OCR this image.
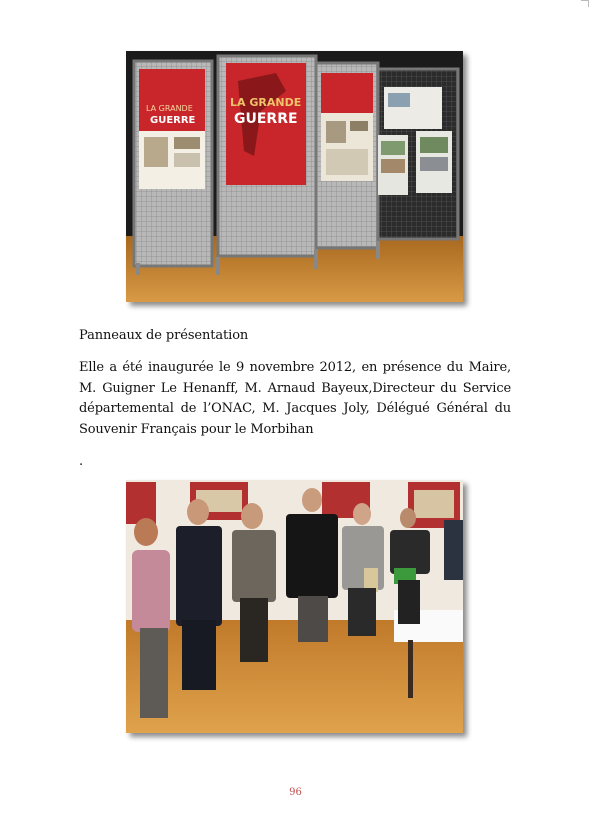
LA GRANDE
GUERRE
LA GRANDE
GUERRE
Panneaux de présentation

Elle a été inaugurée le 9 novembre 2012, en présence du Maire, M. Guigner Le Henanff, M. Arnaud Bayeux,Directeur du Service départemental de l’ONAC, M. Jacques Joly, Délégué Général du Souvenir Français pour le Morbihan

.
96
